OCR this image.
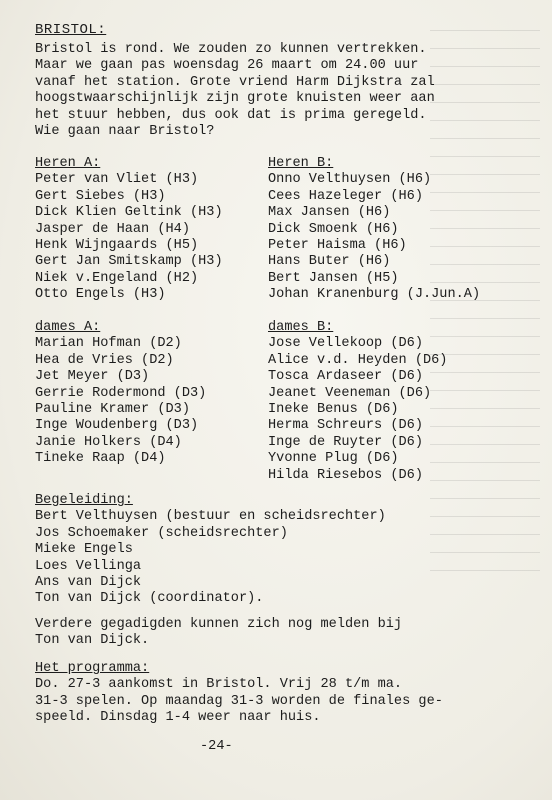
BRISTOL:
Bristol is rond. We zouden zo kunnen vertrekken.
Maar we gaan pas woensdag 26 maart om 24.00 uur
vanaf het station. Grote vriend Harm Dijkstra zal
hoogstwaarschijnlijk zijn grote knuisten weer aan
het stuur hebben, dus ook dat is prima geregeld.
Wie gaan naar Bristol?
Heren A:
Peter van Vliet (H3)
Gert Siebes (H3)
Dick Klien Geltink (H3)
Jasper de Haan (H4)
Henk Wijngaards (H5)
Gert Jan Smitskamp (H3)
Niek v.Engeland (H2)
Otto Engels (H3)
Heren B:
Onno Velthuysen (H6)
Cees Hazeleger (H6)
Max Jansen (H6)
Dick Smoenk (H6)
Peter Haisma (H6)
Hans Buter (H6)
Bert Jansen (H5)
Johan Kranenburg (J.Jun.A)
dames A:
Marian Hofman (D2)
Hea de Vries (D2)
Jet Meyer (D3)
Gerrie Rodermond (D3)
Pauline Kramer (D3)
Inge Woudenberg (D3)
Janie Holkers (D4)
Tineke Raap (D4)
dames B:
Jose Vellekoop (D6)
Alice v.d. Heyden (D6)
Tosca Ardaseer (D6)
Jeanet Veeneman (D6)
Ineke Benus (D6)
Herma Schreurs (D6)
Inge de Ruyter (D6)
Yvonne Plug (D6)
Hilda Riesebos (D6)
Begeleiding:
Bert Velthuysen (bestuur en scheidsrechter)
Jos Schoemaker (scheidsrechter)
Mieke Engels
Loes Vellinga
Ans van Dijck
Ton van Dijck (coordinator).
Verdere gegadigden kunnen zich nog melden bij
Ton van Dijck.
Het programma:
Do. 27-3 aankomst in Bristol. Vrij 28 t/m ma.
31-3 spelen. Op maandag 31-3 worden de finales ge-
speeld. Dinsdag 1-4 weer naar huis.
-24-
